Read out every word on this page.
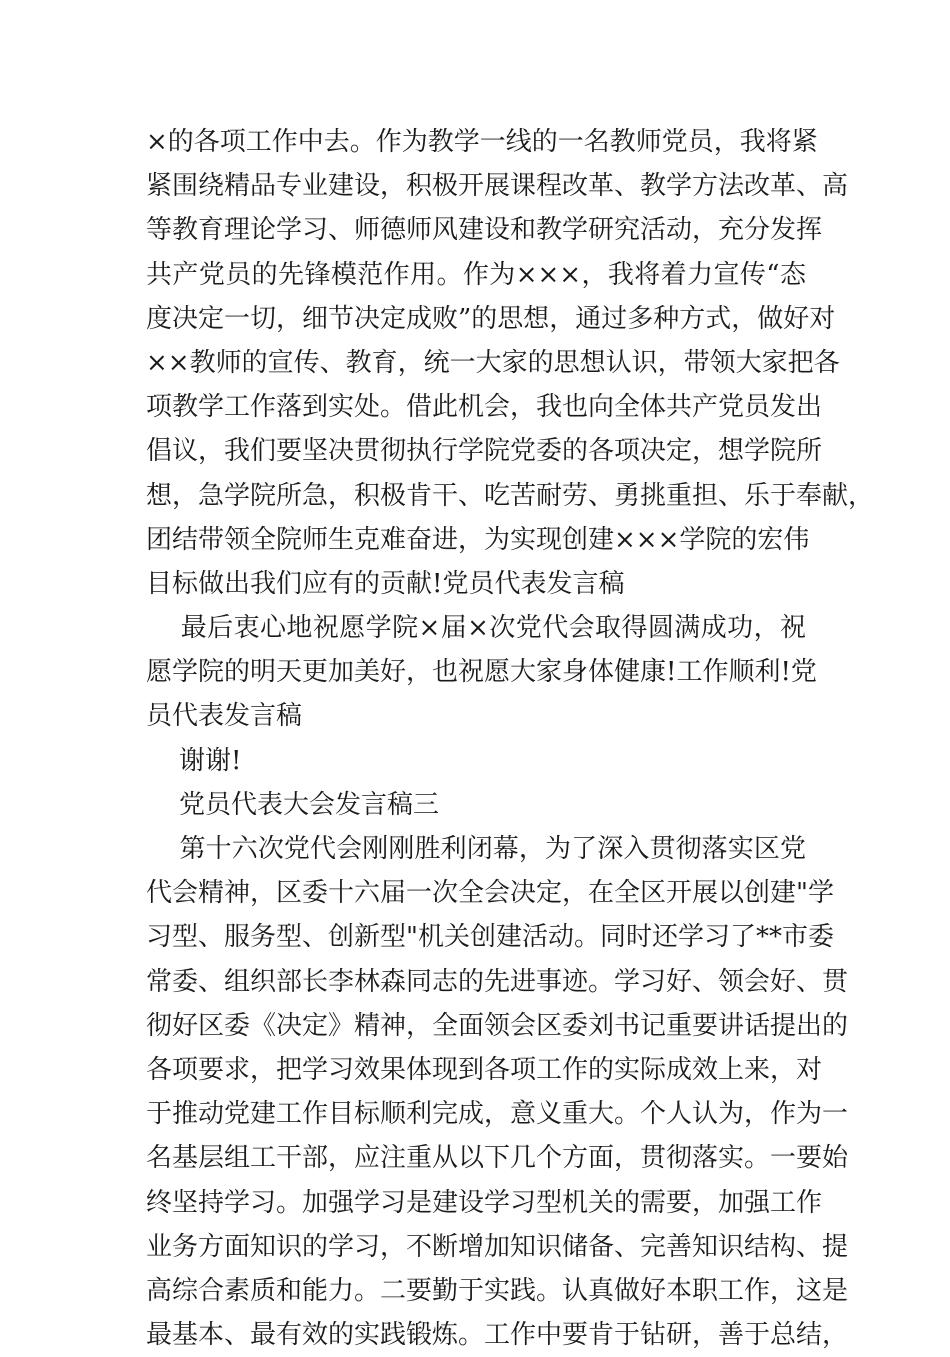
×的各项工作中去。作为教学一线的一名教师党员，我将紧
紧围绕精品专业建设，积极开展课程改革、教学方法改革、高
等教育理论学习、师德师风建设和教学研究活动，充分发挥
共产党员的先锋模范作用。作为×××，我将着力宣传“态
度决定一切，细节决定成败”的思想，通过多种方式，做好对
××教师的宣传、教育，统一大家的思想认识，带领大家把各
项教学工作落到实处。借此机会，我也向全体共产党员发出
倡议，我们要坚决贯彻执行学院党委的各项决定，想学院所
想，急学院所急，积极肯干、吃苦耐劳、勇挑重担、乐于奉献，
团结带领全院师生克难奋进，为实现创建×××学院的宏伟
目标做出我们应有的贡献!党员代表发言稿
最后衷心地祝愿学院×届×次党代会取得圆满成功，祝
愿学院的明天更加美好，也祝愿大家身体健康!工作顺利!党
员代表发言稿
谢谢!
党员代表大会发言稿三
第十六次党代会刚刚胜利闭幕，为了深入贯彻落实区党
代会精神，区委十六届一次全会决定，在全区开展以创建"学
习型、服务型、创新型"机关创建活动。同时还学习了**市委
常委、组织部长李林森同志的先进事迹。学习好、领会好、贯
彻好区委《决定》精神，全面领会区委刘书记重要讲话提出的
各项要求，把学习效果体现到各项工作的实际成效上来，对
于推动党建工作目标顺利完成，意义重大。个人认为，作为一
名基层组工干部，应注重从以下几个方面，贯彻落实。一要始
终坚持学习。加强学习是建设学习型机关的需要，加强工作
业务方面知识的学习，不断增加知识储备、完善知识结构、提
高综合素质和能力。二要勤于实践。认真做好本职工作，这是
最基本、最有效的实践锻炼。工作中要肯于钻研，善于总结，
